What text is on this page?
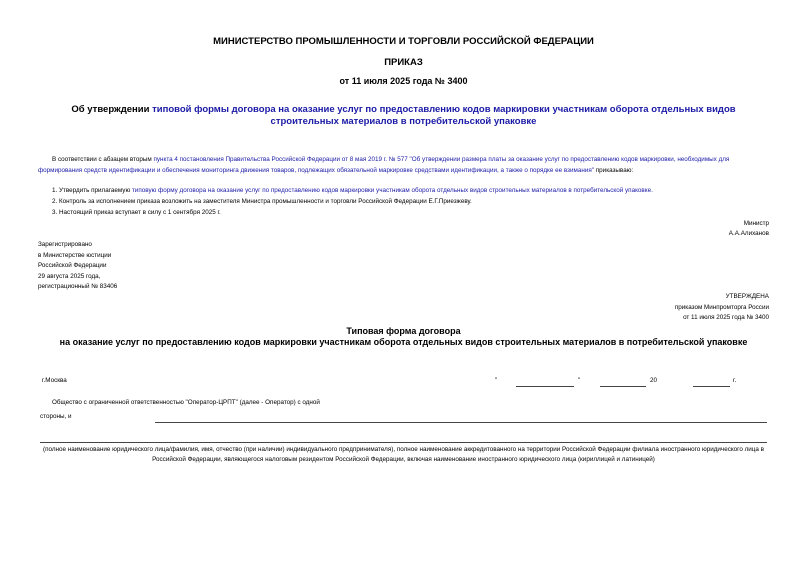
МИНИСТЕРСТВО ПРОМЫШЛЕННОСТИ И ТОРГОВЛИ РОССИЙСКОЙ ФЕДЕРАЦИИ
ПРИКАЗ
от 11 июля 2025 года № 3400
Об утверждении типовой формы договора на оказание услуг по предоставлению кодов маркировки участникам оборота отдельных видов строительных материалов в потребительской упаковке
В соответствии с абзацем вторым пункта 4 постановления Правительства Российской Федерации от 8 мая 2019 г. № 577 "Об утверждении размера платы за оказание услуг по предоставлению кодов маркировки, необходимых для формирования средств идентификации и обеспечения мониторинга движения товаров, подлежащих обязательной маркировке средствами идентификации, а также о порядке ее взимания" приказываю:
1. Утвердить прилагаемую типовую форму договора на оказание услуг по предоставлению кодов маркировки участникам оборота отдельных видов строительных материалов в потребительской упаковке.
2. Контроль за исполнением приказа возложить на заместителя Министра промышленности и торговли Российской Федерации Е.Г.Приезжеву.
3. Настоящий приказ вступает в силу с 1 сентября 2025 г.
Министр
А.А.Алиханов
Зарегистрировано
в Министерстве юстиции
Российской Федерации
29 августа 2025 года,
регистрационный № 83406
УТВЕРЖДЕНА
приказом Минпромторга России
от 11 июля 2025 года № 3400
Типовая форма договора
на оказание услуг по предоставлению кодов маркировки участникам оборота отдельных видов строительных материалов в потребительской упаковке
г.Москва	"	"	20	г.
Общество с ограниченной ответственностью "Оператор-ЦРПТ" (далее - Оператор) с одной
стороны, и
(полное наименование юридического лица/фамилия, имя, отчество (при наличии) индивидуального предпринимателя), полное наименование аккредитованного на территории Российской Федерации филиала иностранного юридического лица в Российской Федерации, являющегося налоговым резидентом Российской Федерации, включая наименование иностранного юридического лица (кириллицей и латиницей)
